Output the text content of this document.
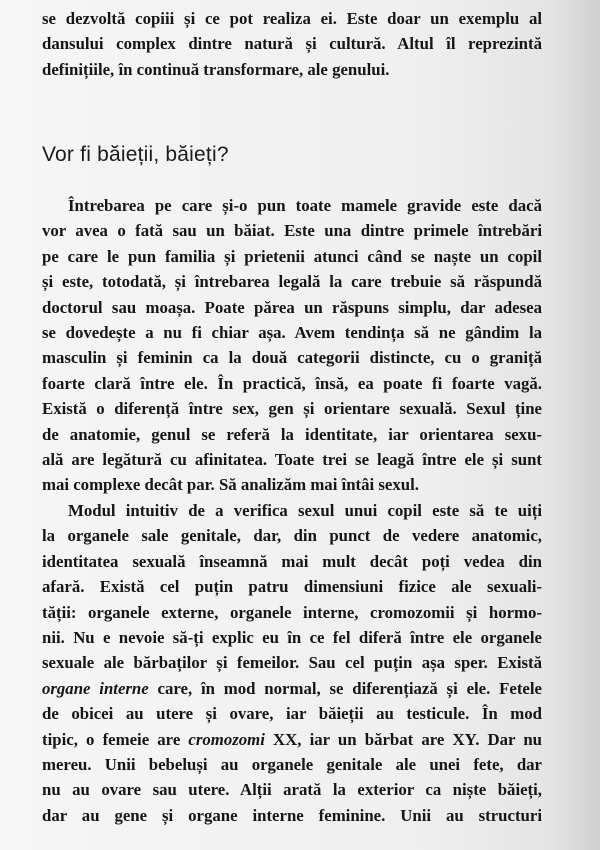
se dezvoltă copiii și ce pot realiza ei. Este doar un exemplu al
dansului complex dintre natură și cultură. Altul îl reprezintă
definițiile, în continuă transformare, ale genului.
Vor fi băieții, băieți?
Întrebarea pe care și-o pun toate mamele gravide este dacă
vor avea o fată sau un băiat. Este una dintre primele întrebări
pe care le pun familia și prietenii atunci când se naște un copil
și este, totodată, și întrebarea legală la care trebuie să răspundă
doctorul sau moașa. Poate părea un răspuns simplu, dar adesea
se dovedește a nu fi chiar așa. Avem tendința să ne gândim la
masculin și feminin ca la două categorii distincte, cu o graniță
foarte clară între ele. În practică, însă, ea poate fi foarte vagă.
Există o diferență între sex, gen și orientare sexuală. Sexul ține
de anatomie, genul se referă la identitate, iar orientarea sexu-
ală are legătură cu afinitatea. Toate trei se leagă între ele și sunt
mai complexe decât par. Să analizăm mai întâi sexul.
Modul intuitiv de a verifica sexul unui copil este să te uiți
la organele sale genitale, dar, din punct de vedere anatomic,
identitatea sexuală înseamnă mai mult decât poți vedea din
afară. Există cel puțin patru dimensiuni fizice ale sexuali-
tății: organele externe, organele interne, cromozomii și hormo-
nii. Nu e nevoie să-ți explic eu în ce fel diferă între ele organele
sexuale ale bărbaților și femeilor. Sau cel puțin așa sper. Există
organe interne care, în mod normal, se diferențiază și ele. Fetele
de obicei au utere și ovare, iar băieții au testicule. În mod
tipic, o femeie are cromozomi XX, iar un bărbat are XY. Dar nu
mereu. Unii bebeluși au organele genitale ale unei fete, dar
nu au ovare sau utere. Alții arată la exterior ca niște băieți,
dar au gene și organe interne feminine. Unii au structuri
